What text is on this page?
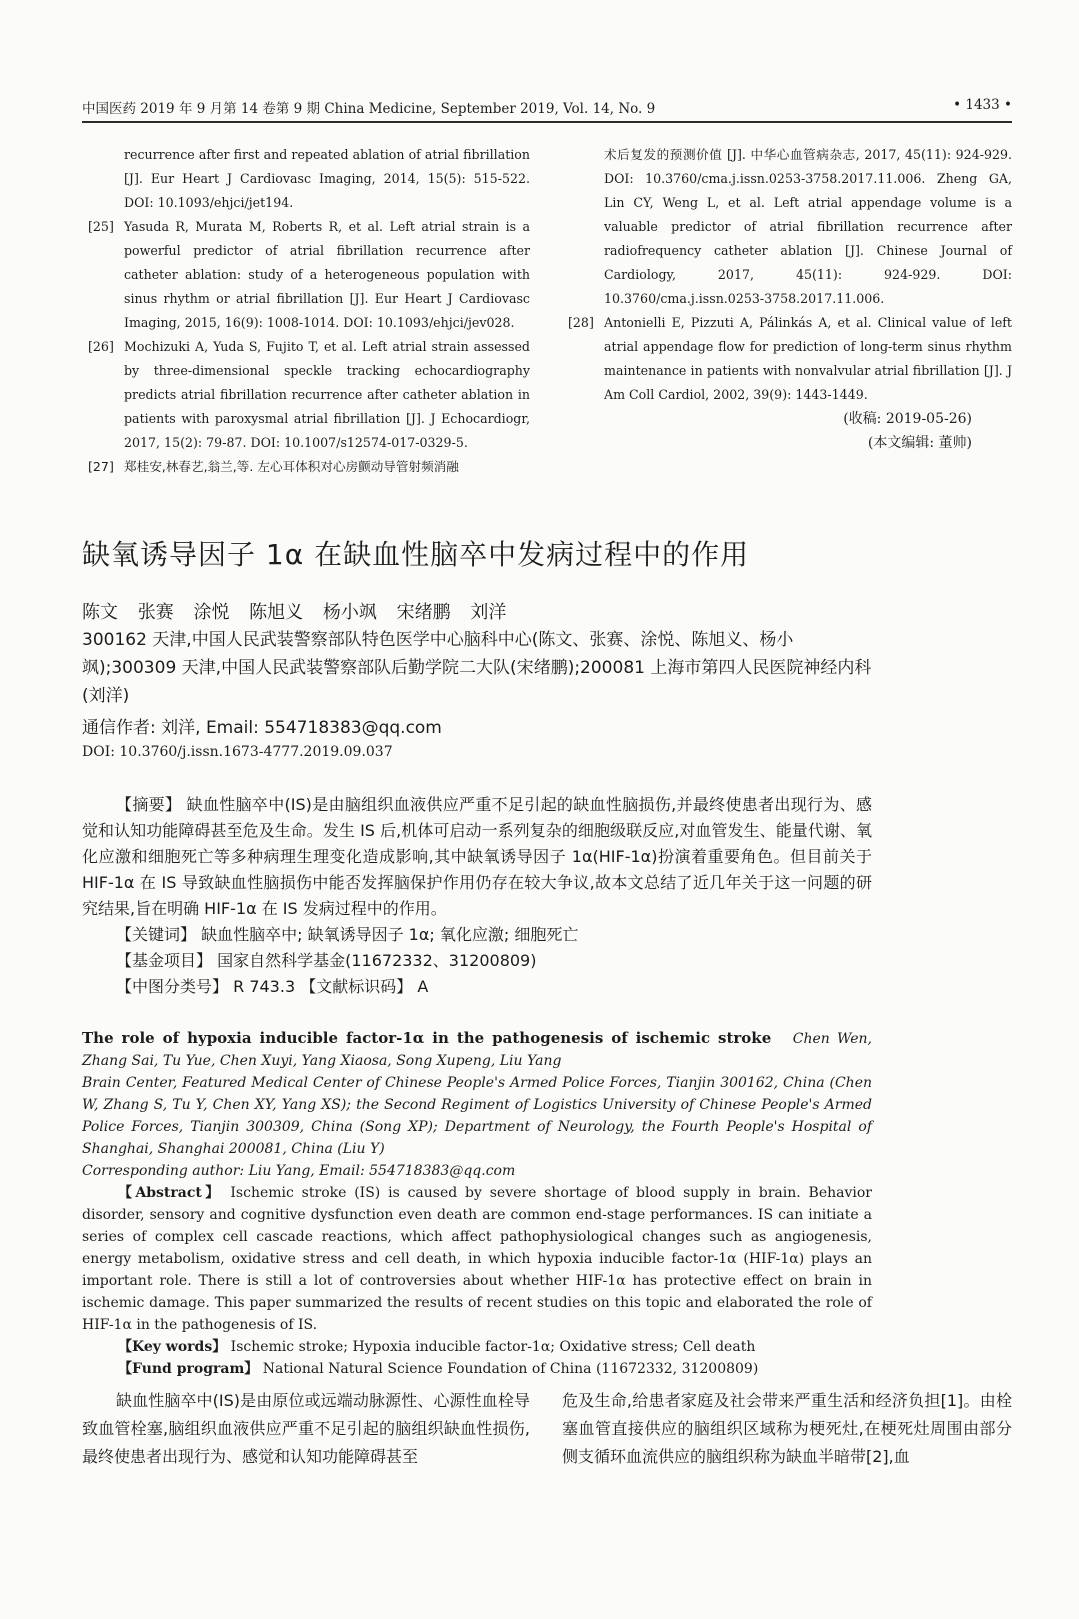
中国医药 2019 年 9 月第 14 卷第 9 期 China Medicine, September 2019, Vol. 14, No. 9	• 1433 •
recurrence after first and repeated ablation of atrial fibrillation [J]. Eur Heart J Cardiovasc Imaging, 2014, 15(5): 515-522. DOI: 10.1093/ehjci/jet194.
[25] Yasuda R, Murata M, Roberts R, et al. Left atrial strain is a powerful predictor of atrial fibrillation recurrence after catheter ablation: study of a heterogeneous population with sinus rhythm or atrial fibrillation [J]. Eur Heart J Cardiovasc Imaging, 2015, 16(9): 1008-1014. DOI: 10.1093/ehjci/jev028.
[26] Mochizuki A, Yuda S, Fujito T, et al. Left atrial strain assessed by three-dimensional speckle tracking echocardiography predicts atrial fibrillation recurrence after catheter ablation in patients with paroxysmal atrial fibrillation [J]. J Echocardiogr, 2017, 15(2): 79-87. DOI: 10.1007/s12574-017-0329-5.
[27] 郑桂安,林春艺,翁兰,等. 左心耳体积对心房颤动导管射频消融
术后复发的预测价值 [J]. 中华心血管病杂志, 2017, 45(11): 924-929. DOI: 10.3760/cma.j.issn.0253-3758.2017.11.006. Zheng GA, Lin CY, Weng L, et al. Left atrial appendage volume is a valuable predictor of atrial fibrillation recurrence after radiofrequency catheter ablation [J]. Chinese Journal of Cardiology, 2017, 45(11): 924-929. DOI: 10.3760/cma.j.issn.0253-3758.2017.11.006.
[28] Antonielli E, Pizzuti A, Pálinkás A, et al. Clinical value of left atrial appendage flow for prediction of long-term sinus rhythm maintenance in patients with nonvalvular atrial fibrillation [J]. J Am Coll Cardiol, 2002, 39(9): 1443-1449.
(收稿: 2019-05-26)
(本文编辑: 董帅)
缺氧诱导因子 1α 在缺血性脑卒中发病过程中的作用
陈文 张赛 涂悦 陈旭义 杨小飒 宋绪鹏 刘洋
300162 天津,中国人民武装警察部队特色医学中心脑科中心(陈文、张赛、涂悦、陈旭义、杨小飒);300309 天津,中国人民武装警察部队后勤学院二大队(宋绪鹏);200081 上海市第四人民医院神经内科(刘洋)
通信作者: 刘洋, Email: 554718383@qq.com
DOI: 10.3760/j.issn.1673-4777.2019.09.037

【摘要】 缺血性脑卒中(IS)是由脑组织血液供应严重不足引起的缺血性脑损伤,并最终使患者出现行为、感觉和认知功能障碍甚至危及生命。发生 IS 后,机体可启动一系列复杂的细胞级联反应,对血管发生、能量代谢、氧化应激和细胞死亡等多种病理生理变化造成影响,其中缺氧诱导因子 1α(HIF-1α)扮演着重要角色。但目前关于 HIF-1α 在 IS 导致缺血性脑损伤中能否发挥脑保护作用仍存在较大争议,故本文总结了近几年关于这一问题的研究结果,旨在明确 HIF-1α 在 IS 发病过程中的作用。

【关键词】 缺血性脑卒中; 缺氧诱导因子 1α; 氧化应激; 细胞死亡

【基金项目】 国家自然科学基金(11672332、31200809)

【中图分类号】 R 743.3 【文献标识码】 A

The role of hypoxia inducible factor-1α in the pathogenesis of ischemic stroke Chen Wen, Zhang Sai, Tu Yue, Chen Xuyi, Yang Xiaosa, Song Xupeng, Liu Yang

Brain Center, Featured Medical Center of Chinese People's Armed Police Forces, Tianjin 300162, China (Chen W, Zhang S, Tu Y, Chen XY, Yang XS); the Second Regiment of Logistics University of Chinese People's Armed Police Forces, Tianjin 300309, China (Song XP); Department of Neurology, the Fourth People's Hospital of Shanghai, Shanghai 200081, China (Liu Y)

Corresponding author: Liu Yang, Email: 554718383@qq.com

【Abstract】 Ischemic stroke (IS) is caused by severe shortage of blood supply in brain. Behavior disorder, sensory and cognitive dysfunction even death are common end-stage performances. IS can initiate a series of complex cell cascade reactions, which affect pathophysiological changes such as angiogenesis, energy metabolism, oxidative stress and cell death, in which hypoxia inducible factor-1α (HIF-1α) plays an important role. There is still a lot of controversies about whether HIF-1α has protective effect on brain in ischemic damage. This paper summarized the results of recent studies on this topic and elaborated the role of HIF-1α in the pathogenesis of IS.

【Key words】 Ischemic stroke; Hypoxia inducible factor-1α; Oxidative stress; Cell death

【Fund program】 National Natural Science Foundation of China (11672332, 31200809)

缺血性脑卒中(IS)是由原位或远端动脉源性、心源性血栓导致血管栓塞,脑组织血液供应严重不足引起的脑组织缺血性损伤,最终使患者出现行为、感觉和认知功能障碍甚至
危及生命,给患者家庭及社会带来严重生活和经济负担[1]。由栓塞血管直接供应的脑组织区域称为梗死灶,在梗死灶周围由部分侧支循环血流供应的脑组织称为缺血半暗带[2],血
